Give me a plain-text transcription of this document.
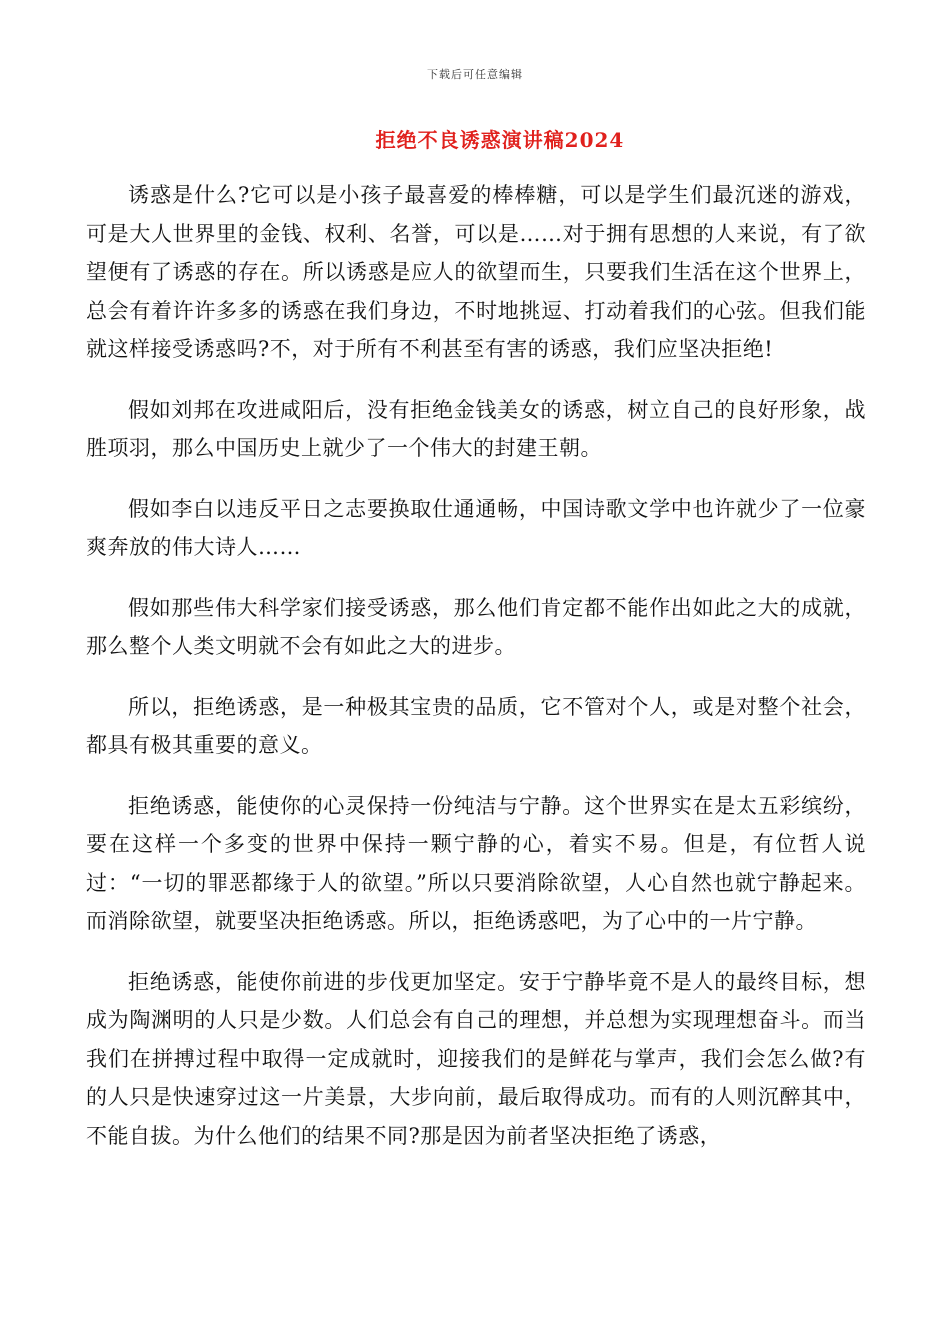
下载后可任意编辑
拒绝不良诱惑演讲稿2024

诱惑是什么?它可以是小孩子最喜爱的棒棒糖，可以是学生们最沉迷的游戏，可是大人世界里的金钱、权利、名誉，可以是……对于拥有思想的人来说，有了欲望便有了诱惑的存在。所以诱惑是应人的欲望而生，只要我们生活在这个世界上，总会有着许许多多的诱惑在我们身边，不时地挑逗、打动着我们的心弦。但我们能就这样接受诱惑吗?不，对于所有不利甚至有害的诱惑，我们应坚决拒绝!

假如刘邦在攻进咸阳后，没有拒绝金钱美女的诱惑，树立自己的良好形象，战胜项羽，那么中国历史上就少了一个伟大的封建王朝。

假如李白以违反平日之志要换取仕通通畅，中国诗歌文学中也许就少了一位豪爽奔放的伟大诗人……

假如那些伟大科学家们接受诱惑，那么他们肯定都不能作出如此之大的成就，那么整个人类文明就不会有如此之大的进步。

所以，拒绝诱惑，是一种极其宝贵的品质，它不管对个人，或是对整个社会，都具有极其重要的意义。

拒绝诱惑，能使你的心灵保持一份纯洁与宁静。这个世界实在是太五彩缤纷，要在这样一个多变的世界中保持一颗宁静的心，着实不易。但是，有位哲人说过：“一切的罪恶都缘于人的欲望。”所以只要消除欲望，人心自然也就宁静起来。而消除欲望，就要坚决拒绝诱惑。所以，拒绝诱惑吧，为了心中的一片宁静。

拒绝诱惑，能使你前进的步伐更加坚定。安于宁静毕竟不是人的最终目标，想成为陶渊明的人只是少数。人们总会有自己的理想，并总想为实现理想奋斗。而当我们在拼搏过程中取得一定成就时，迎接我们的是鲜花与掌声，我们会怎么做?有的人只是快速穿过这一片美景，大步向前，最后取得成功。而有的人则沉醉其中，不能自拔。为什么他们的结果不同?那是因为前者坚决拒绝了诱惑，
